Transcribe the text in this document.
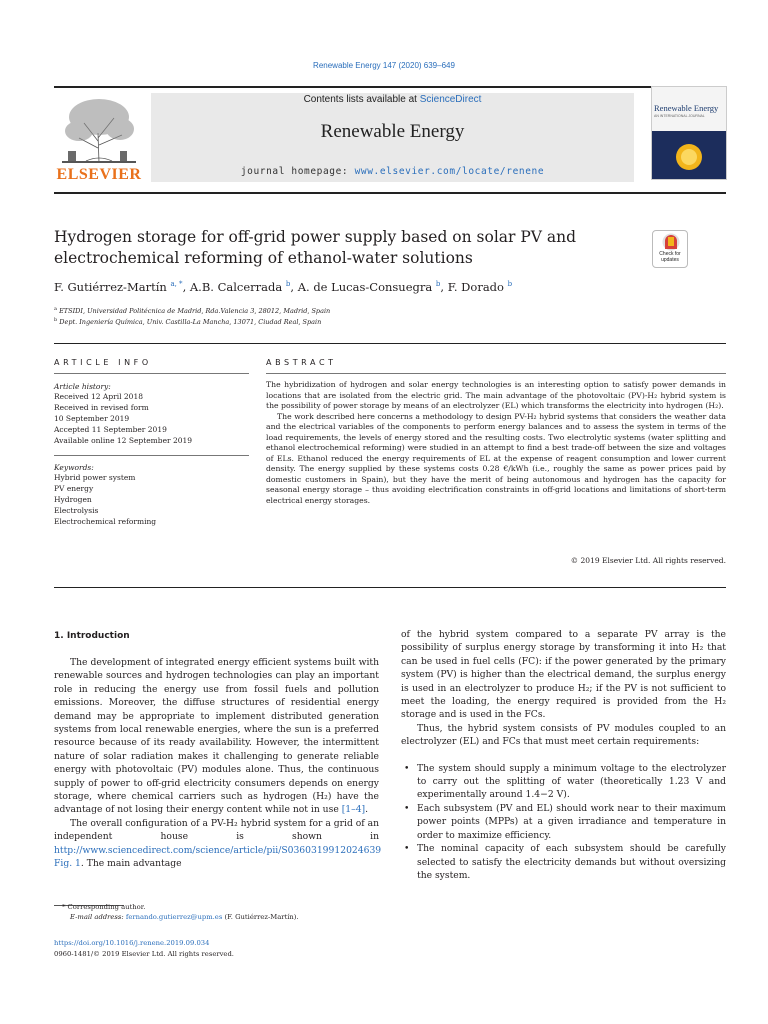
Renewable Energy 147 (2020) 639–649
ELSEVIER
Contents lists available at ScienceDirect
Renewable Energy
journal homepage: www.elsevier.com/locate/renene
Renewable Energy
AN INTERNATIONAL JOURNAL
Hydrogen storage for off-grid power supply based on solar PV and electrochemical reforming of ethanol-water solutions	Check for
updates
F. Gutiérrez-Martín $^{a, *}$, A.B. Calcerrada $^b$, A. de Lucas-Consuegra $^b$, F. Dorado $^b$
$^a$ ETSIDI, Universidad Politécnica de Madrid, Rda.Valencia 3, 28012, Madrid, Spain
$^b$ Dept. Ingeniería Química, Univ. Castilla-La Mancha, 13071, Ciudad Real, Spain
ARTICLE INFO	ABSTRACT
Article history:
Received 12 April 2018
Received in revised form
10 September 2019
Accepted 11 September 2019
Available online 12 September 2019
Keywords:
Hybrid power system
PV energy
Hydrogen
Electrolysis
Electrochemical reforming

The hybridization of hydrogen and solar energy technologies is an interesting option to satisfy power demands in locations that are isolated from the electric grid. The main advantage of the photovoltaic (PV)-H₂ hybrid system is the possibility of power storage by means of an electrolyzer (EL) which transforms the electricity into hydrogen (H₂).

The work described here concerns a methodology to design PV-H₂ hybrid systems that considers the weather data and the electrical variables of the components to perform energy balances and to assess the system in terms of the load requirements, the levels of energy stored and the resulting costs. Two electrolytic systems (water splitting and ethanol electrochemical reforming) were studied in an attempt to find a best trade-off between the size and voltages of ELs. Ethanol reduced the energy requirements of EL at the expense of reagent consumption and lower current density. The energy supplied by these systems costs 0.28 €/kWh (i.e., roughly the same as power prices paid by domestic customers in Spain), but they have the merit of being autonomous and hydrogen has the capacity for seasonal energy storage – thus avoiding electrification constraints in off-grid locations and limitations of short-term electrical energy storages.

© 2019 Elsevier Ltd. All rights reserved.
1. Introduction

The development of integrated energy efficient systems built with renewable sources and hydrogen technologies can play an important role in reducing the energy use from fossil fuels and pollution emissions. Moreover, the diffuse structures of residential energy demand may be appropriate to implement distributed generation systems from local renewable energies, where the sun is a preferred resource because of its ready availability. However, the intermittent nature of solar radiation makes it challenging to generate reliable energy with photovoltaic (PV) modules alone. Thus, the continuous supply of power to off-grid electricity consumers depends on energy storage, where chemical carriers such as hydrogen (H₂) have the advantage of not losing their energy content while not in use [1–4].

The overall configuration of a PV-H₂ hybrid system for a grid of an independent house is shown in http://www.sciencedirect.com/science/article/pii/S0360319912024639 Fig. 1. The main advantage

of the hybrid system compared to a separate PV array is the possibility of surplus energy storage by transforming it into H₂ that can be used in fuel cells (FC): if the power generated by the primary system (PV) is higher than the electrical demand, the surplus energy is used in an electrolyzer to produce H₂; if the PV is not sufficient to meet the loading, the energy required is provided from the H₂ storage and is used in the FCs.

Thus, the hybrid system consists of PV modules coupled to an electrolyzer (EL) and FCs that must meet certain requirements:

• The system should supply a minimum voltage to the electrolyzer to carry out the splitting of water (theoretically 1.23 V and experimentally around 1.4−2 V).
• Each subsystem (PV and EL) should work near to their maximum power points (MPPs) at a given irradiance and temperature in order to maximize efficiency.
• The nominal capacity of each subsystem should be carefully selected to satisfy the electricity demands but without oversizing the system.
* Corresponding author.
E-mail address: fernando.gutierrez@upm.es (F. Gutiérrez-Martín).
https://doi.org/10.1016/j.renene.2019.09.034
0960-1481/© 2019 Elsevier Ltd. All rights reserved.
